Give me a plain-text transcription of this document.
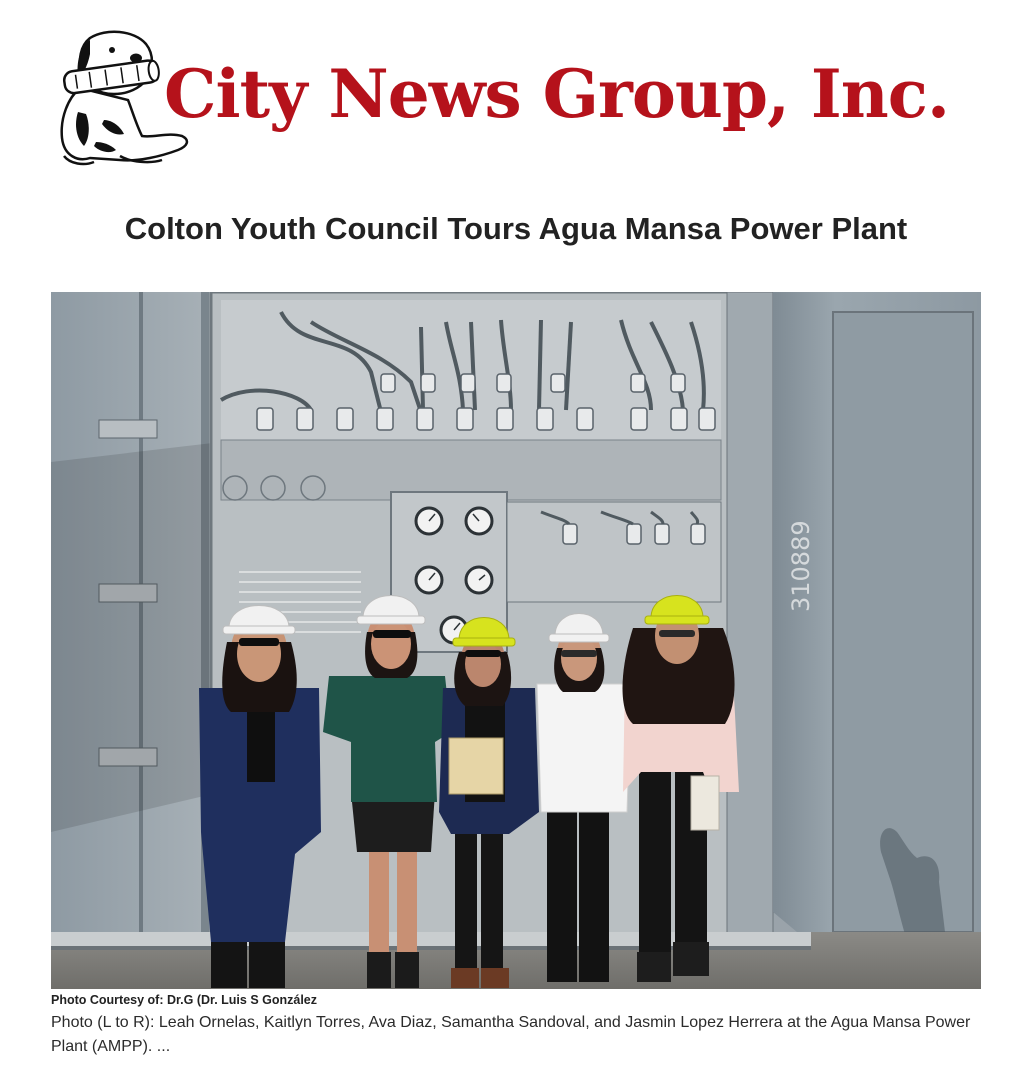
City News Group, Inc.
Colton Youth Council Tours Agua Mansa Power Plant
310889
Photo Courtesy of: Dr.G (Dr. Luis S González

Photo (L to R): Leah Ornelas, Kaitlyn Torres, Ava Diaz, Samantha Sandoval, and Jasmin Lopez Herrera at the Agua Mansa Power Plant (AMPP). ...
